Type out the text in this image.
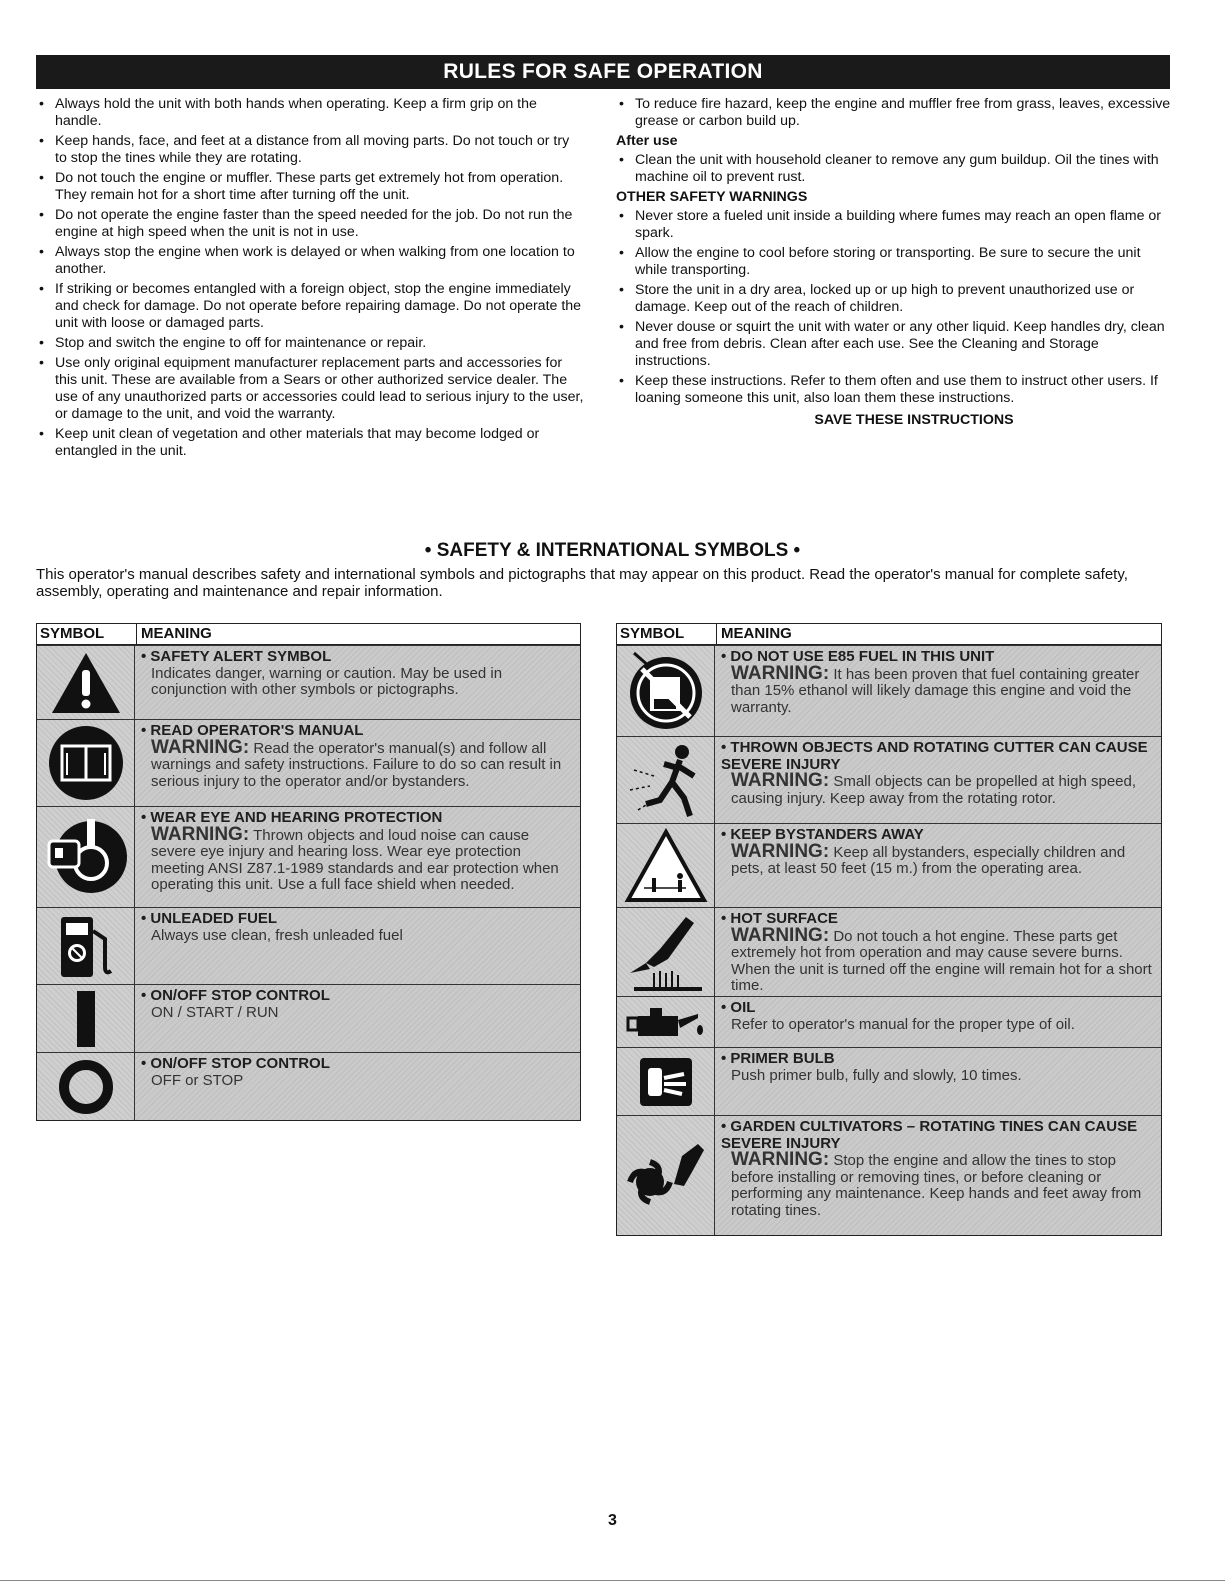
RULES FOR SAFE OPERATION
• Always hold the unit with both hands when operating. Keep a firm grip on the handle.
• Keep hands, face, and feet at a distance from all moving parts. Do not touch or try to stop the tines while they are rotating.
• Do not touch the engine or muffler. These parts get extremely hot from operation. They remain hot for a short time after turning off the unit.
• Do not operate the engine faster than the speed needed for the job. Do not run the engine at high speed when the unit is not in use.
• Always stop the engine when work is delayed or when walking from one location to another.
• If striking or becomes entangled with a foreign object, stop the engine immediately and check for damage. Do not operate before repairing damage. Do not operate the unit with loose or damaged parts.
• Stop and switch the engine to off for maintenance or repair.
• Use only original equipment manufacturer replacement parts and accessories for this unit. These are available from a Sears or other authorized service dealer. The use of any unauthorized parts or accessories could lead to serious injury to the user, or damage to the unit, and void the warranty.
• Keep unit clean of vegetation and other materials that may become lodged or entangled in the unit.
• To reduce fire hazard, keep the engine and muffler free from grass, leaves, excessive grease or carbon build up.
After use
• Clean the unit with household cleaner to remove any gum buildup. Oil the tines with machine oil to prevent rust.
OTHER SAFETY WARNINGS
• Never store a fueled unit inside a building where fumes may reach an open flame or spark.
• Allow the engine to cool before storing or transporting. Be sure to secure the unit while transporting.
• Store the unit in a dry area, locked up or up high to prevent unauthorized use or damage. Keep out of the reach of children.
• Never douse or squirt the unit with water or any other liquid. Keep handles dry, clean and free from debris. Clean after each use. See the Cleaning and Storage instructions.
• Keep these instructions. Refer to them often and use them to instruct other users. If loaning someone this unit, also loan them these instructions.
SAVE THESE INSTRUCTIONS
• SAFETY & INTERNATIONAL SYMBOLS •
This operator's manual describes safety and international symbols and pictographs that may appear on this product. Read the operator's manual for complete safety, assembly, operating and maintenance and repair information.
SYMBOL	MEANING
• SAFETY ALERT SYMBOL
Indicates danger, warning or caution. May be used in conjunction with other symbols or pictographs.
• READ OPERATOR'S MANUAL
WARNING: Read the operator's manual(s) and follow all warnings and safety instructions. Failure to do so can result in serious injury to the operator and/or bystanders.
• WEAR EYE AND HEARING PROTECTION
WARNING: Thrown objects and loud noise can cause severe eye injury and hearing loss. Wear eye protection meeting ANSI Z87.1-1989 standards and ear protection when operating this unit. Use a full face shield when needed.
• UNLEADED FUEL
Always use clean, fresh unleaded fuel
• ON/OFF STOP CONTROL
ON / START / RUN
• ON/OFF STOP CONTROL
OFF or STOP
SYMBOL	MEANING
• DO NOT USE E85 FUEL IN THIS UNIT
WARNING: It has been proven that fuel containing greater than 15% ethanol will likely damage this engine and void the warranty.
• THROWN OBJECTS AND ROTATING CUTTER CAN CAUSE SEVERE INJURY
WARNING: Small objects can be propelled at high speed, causing injury. Keep away from the rotating rotor.
• KEEP BYSTANDERS AWAY
WARNING: Keep all bystanders, especially children and pets, at least 50 feet (15 m.) from the operating area.
• HOT SURFACE
WARNING: Do not touch a hot engine. These parts get extremely hot from operation and may cause severe burns. When the unit is turned off the engine will remain hot for a short time.
• OIL
Refer to operator's manual for the proper type of oil.
• PRIMER BULB
Push primer bulb, fully and slowly, 10 times.
• GARDEN CULTIVATORS – ROTATING TINES CAN CAUSE SEVERE INJURY
WARNING: Stop the engine and allow the tines to stop before installing or removing tines, or before cleaning or performing any maintenance. Keep hands and feet away from rotating tines.
3
